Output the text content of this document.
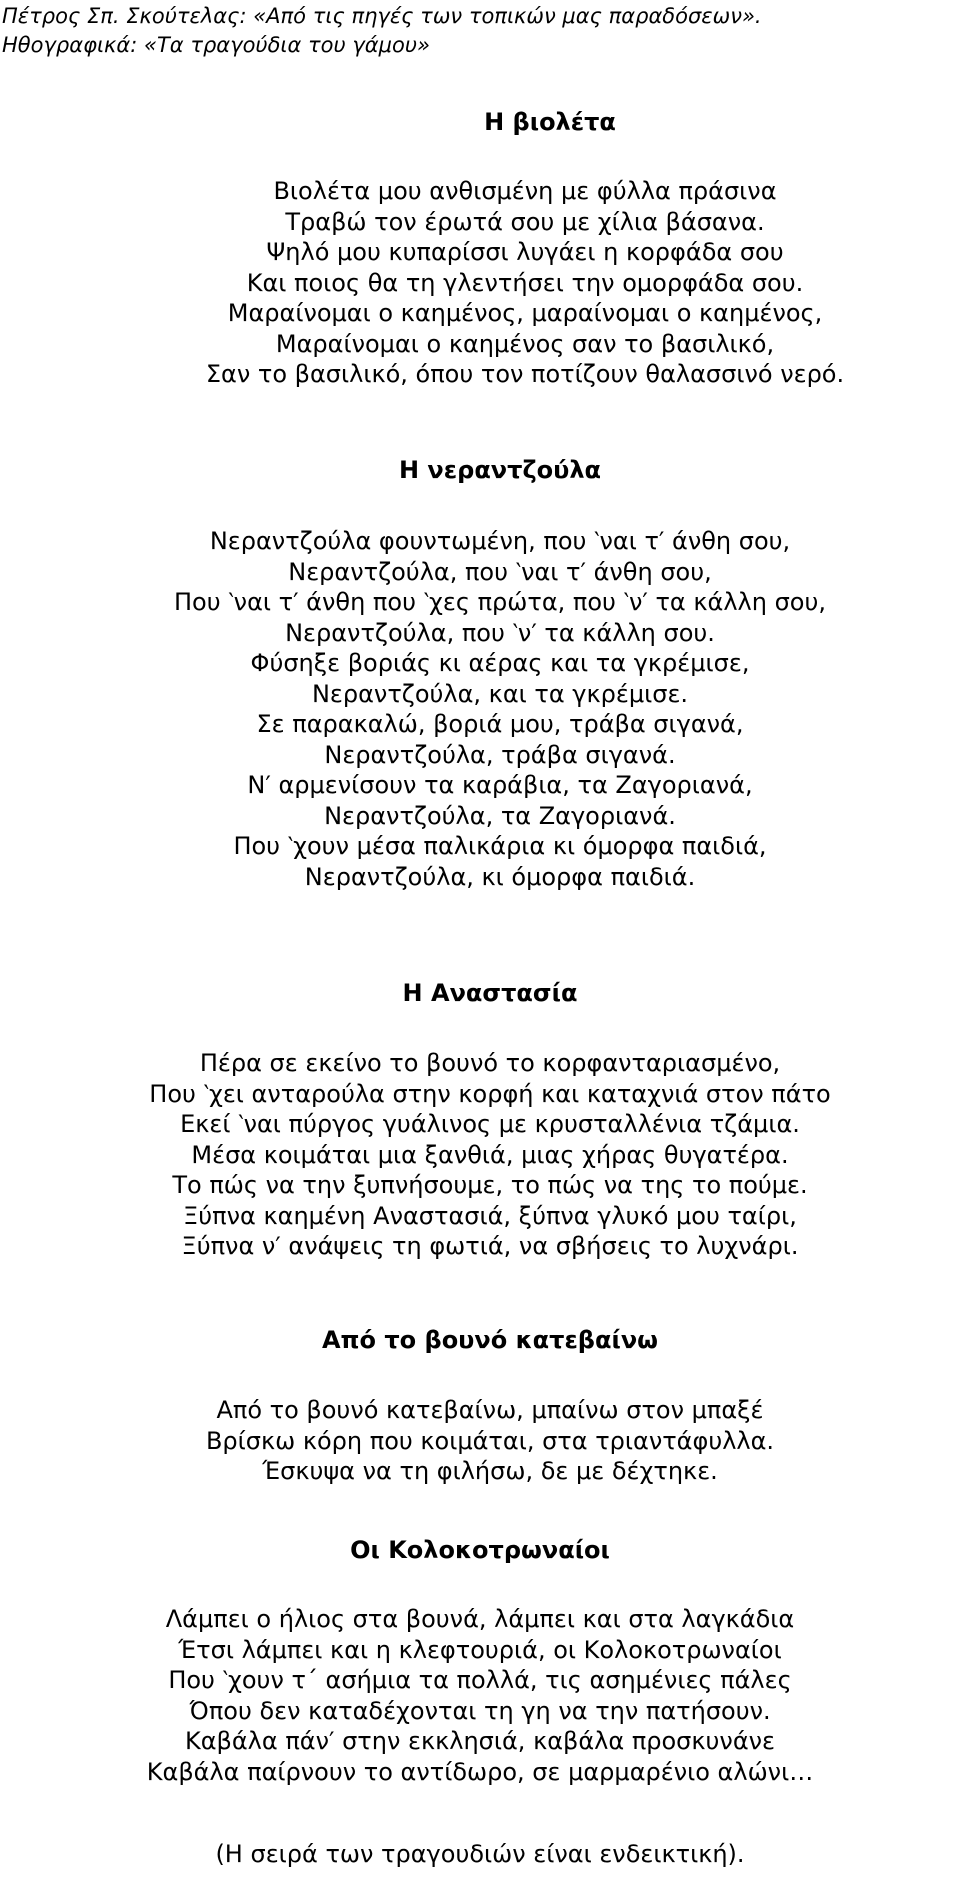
Πέτρος Σπ. Σκούτελας: «Από τις πηγές των τοπικών μας παραδόσεων».
Ηθογραφικά: «Τα τραγούδια του γάμου»
Η βιολέτα
Βιολέτα μου ανθισμένη με φύλλα πράσινα
Τραβώ τον έρωτά σου με χίλια βάσανα.
Ψηλό μου κυπαρίσσι λυγάει η κορφάδα σου
Και ποιος θα τη γλεντήσει την ομορφάδα σου.
Μαραίνομαι ο καημένος, μαραίνομαι ο καημένος,
Μαραίνομαι ο καημένος σαν το βασιλικό,
Σαν το βασιλικό, όπου τον ποτίζουν θαλασσινό νερό.
Η νεραντζούλα
Νεραντζούλα φουντωμένη, που ‵ναι τ′ άνθη σου,
Νεραντζούλα, που ‵ναι τ′ άνθη σου,
Που ‵ναι τ′ άνθη που ‵χες πρώτα, που ‵ν′ τα κάλλη σου,
Νεραντζούλα, που ‵ν′ τα κάλλη σου.
Φύσηξε βοριάς κι αέρας και τα γκρέμισε,
Νεραντζούλα, και τα γκρέμισε.
Σε παρακαλώ, βοριά μου, τράβα σιγανά,
Νεραντζούλα, τράβα σιγανά.
Ν′ αρμενίσουν τα καράβια, τα Ζαγοριανά,
Νεραντζούλα, τα Ζαγοριανά.
Που ‵χουν μέσα παλικάρια κι όμορφα παιδιά,
Νεραντζούλα, κι όμορφα παιδιά.
Η Αναστασία
Πέρα σε εκείνο το βουνό το κορφανταριασμένο,
Που ‵χει ανταρούλα στην κορφή και καταχνιά στον πάτο
Εκεί ‵ναι πύργος γυάλινος με κρυσταλλένια τζάμια.
Μέσα κοιμάται μια ξανθιά, μιας χήρας θυγατέρα.
Το πώς να την ξυπνήσουμε, το πώς να της το πούμε.
Ξύπνα καημένη Αναστασιά, ξύπνα γλυκό μου ταίρι,
Ξύπνα ν′ ανάψεις τη φωτιά, να σβήσεις το λυχνάρι.
Από το βουνό κατεβαίνω
Από το βουνό κατεβαίνω, μπαίνω στον μπαξέ
Βρίσκω κόρη που κοιμάται, στα τριαντάφυλλα.
Έσκυψα να τη φιλήσω, δε με δέχτηκε.
Οι Κολοκοτρωναίοι
Λάμπει ο ήλιος στα βουνά, λάμπει και στα λαγκάδια
Έτσι λάμπει και η κλεφτουριά, οι Κολοκοτρωναίοι
Που ‵χουν τ΄ ασήμια τα πολλά, τις ασημένιες πάλες
Όπου δεν καταδέχονται τη γη να την πατήσουν.
Καβάλα πάν′ στην εκκλησιά, καβάλα προσκυνάνε
Καβάλα παίρνουν το αντίδωρο, σε μαρμαρένιο αλώνι…
(Η σειρά των τραγουδιών είναι ενδεικτική).
